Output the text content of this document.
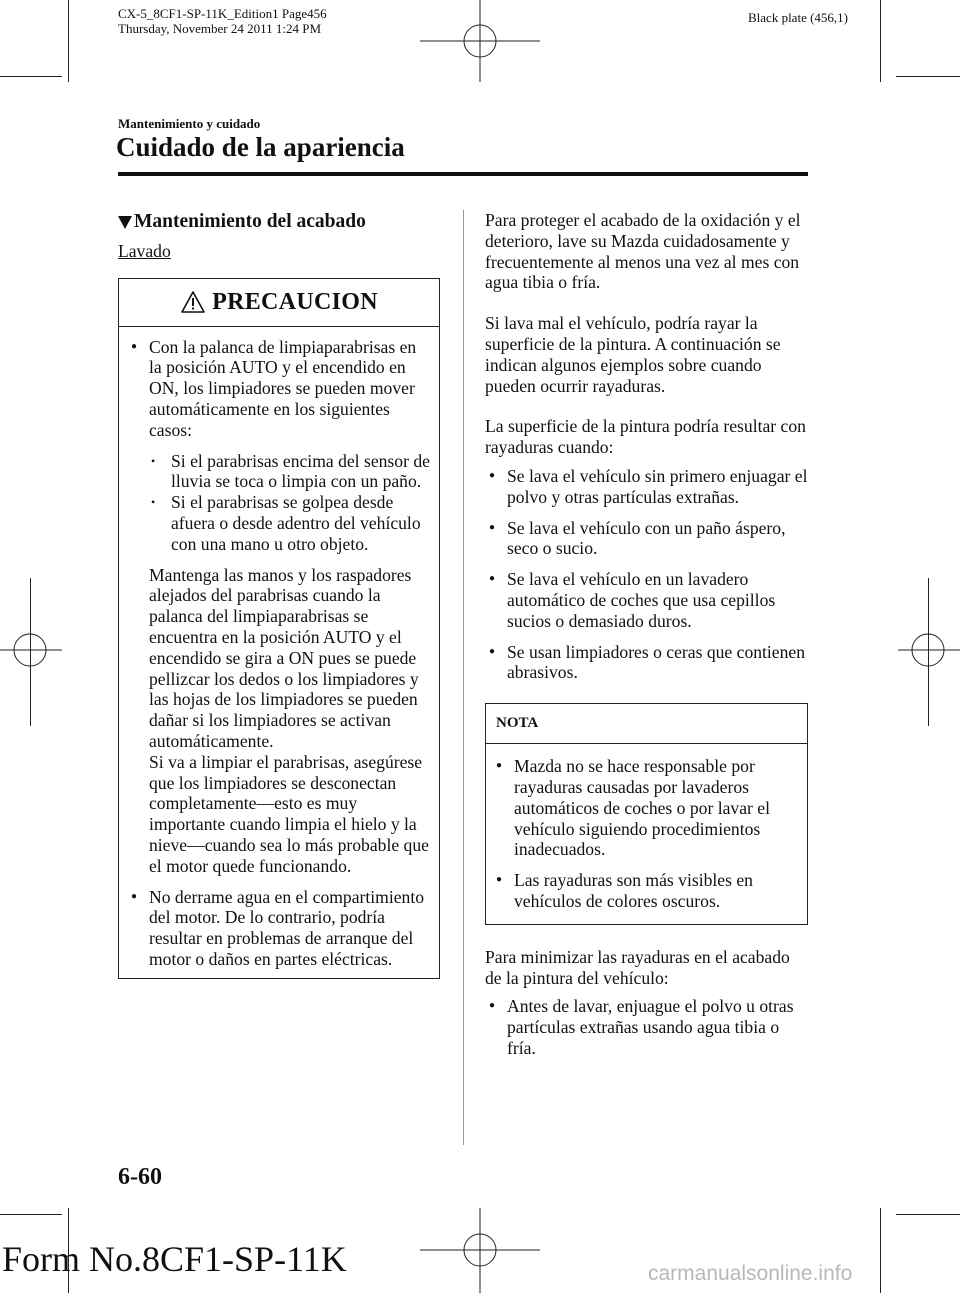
CX-5_8CF1-SP-11K_Edition1 Page456
Thursday, November 24 2011 1:24 PM
Black plate (456,1)
Mantenimiento y cuidado
Cuidado de la apariencia
Mantenimiento del acabado
Lavado
PRECAUCION
● Con la palanca de limpiaparabrisas en la posición AUTO y el encendido en ON, los limpiadores se pueden mover automáticamente en los siguientes casos:
• Si el parabrisas encima del sensor de lluvia se toca o limpia con un paño.
• Si el parabrisas se golpea desde afuera o desde adentro del vehículo con una mano u otro objeto.
Mantenga las manos y los raspadores alejados del parabrisas cuando la palanca del limpiaparabrisas se encuentra en la posición AUTO y el encendido se gira a ON pues se puede pellizcar los dedos o los limpiadores y las hojas de los limpiadores se pueden dañar si los limpiadores se activan automáticamente.
Si va a limpiar el parabrisas, asegúrese que los limpiadores se desconectan completamente―esto es muy importante cuando limpia el hielo y la nieve―cuando sea lo más probable que el motor quede funcionando.
● No derrame agua en el compartimiento del motor. De lo contrario, podría resultar en problemas de arranque del motor o daños en partes eléctricas.
Para proteger el acabado de la oxidación y el deterioro, lave su Mazda cuidadosamente y frecuentemente al menos una vez al mes con agua tibia o fría.
Si lava mal el vehículo, podría rayar la superficie de la pintura. A continuación se indican algunos ejemplos sobre cuando pueden ocurrir rayaduras.
La superficie de la pintura podría resultar con rayaduras cuando:
● Se lava el vehículo sin primero enjuagar el polvo y otras partículas extrañas.
● Se lava el vehículo con un paño áspero, seco o sucio.
● Se lava el vehículo en un lavadero automático de coches que usa cepillos sucios o demasiado duros.
● Se usan limpiadores o ceras que contienen abrasivos.
NOTA
● Mazda no se hace responsable por rayaduras causadas por lavaderos automáticos de coches o por lavar el vehículo siguiendo procedimientos inadecuados.
● Las rayaduras son más visibles en vehículos de colores oscuros.
Para minimizar las rayaduras en el acabado de la pintura del vehículo:
● Antes de lavar, enjuague el polvo u otras partículas extrañas usando agua tibia o fría.
6-60
Form No.8CF1-SP-11K	carmanualsonline.info
